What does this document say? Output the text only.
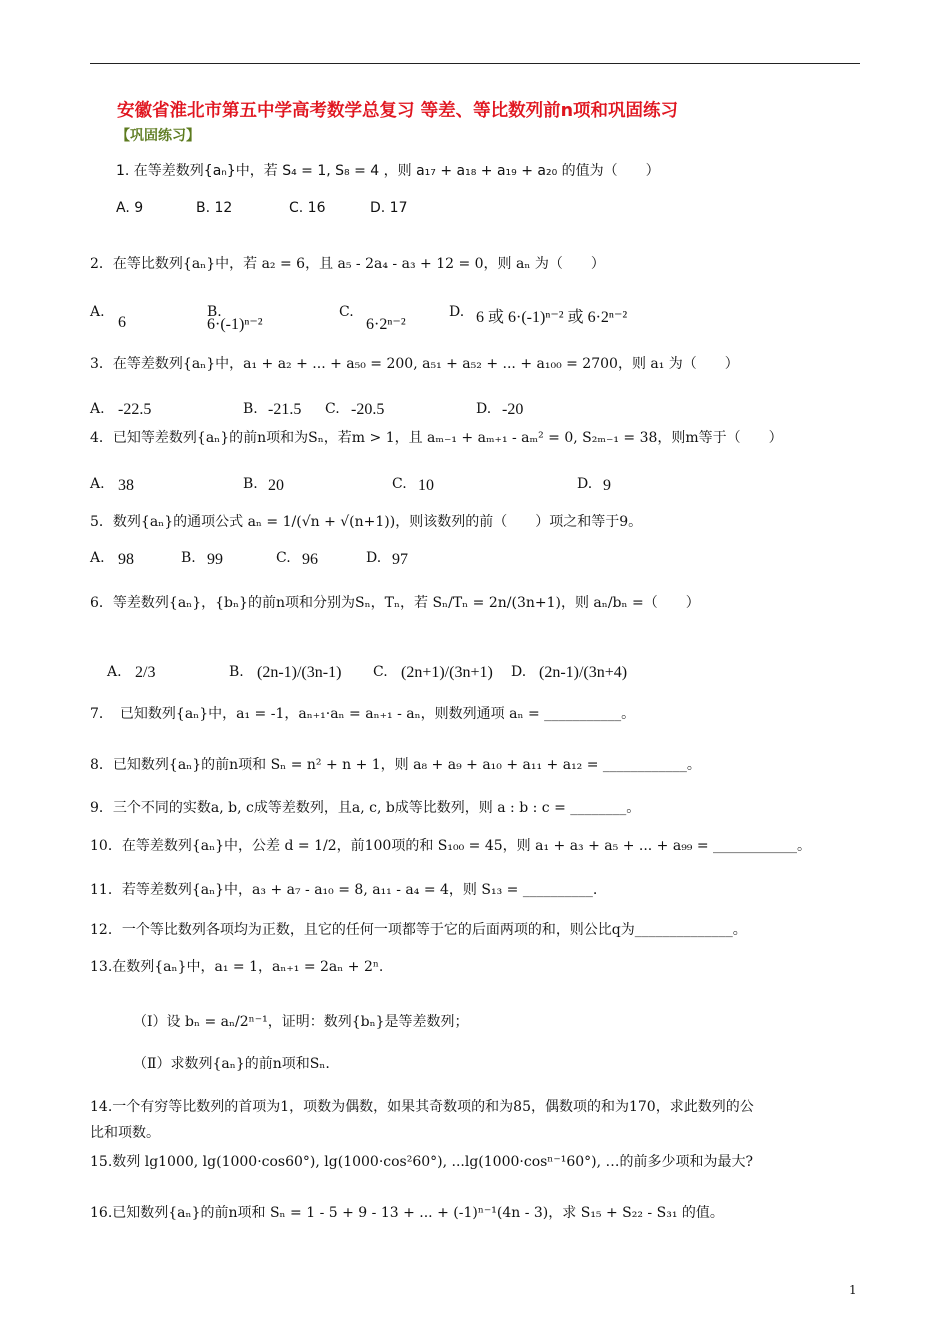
安徽省淮北市第五中学高考数学总复习 等差、等比数列前n项和巩固练习
【巩固练习】
1. 在等差数列{aₙ}中，若 S₄ = 1, S₈ = 4 ，则 a₁₇ + a₁₈ + a₁₉ + a₂₀ 的值为（　　）
A. 9	B. 12	C. 16	D. 17
2．在等比数列{aₙ}中，若 a₂ = 6，且 a₅ - 2a₄ - a₃ + 12 = 0，则 aₙ 为（　　）
A.
6
B.
6·(-1)ⁿ⁻²
C.
6·2ⁿ⁻²
D. 6 或 6·(-1)ⁿ⁻² 或 6·2ⁿ⁻²
3．在等差数列{aₙ}中，a₁ + a₂ + ... + a₅₀ = 200, a₅₁ + a₅₂ + ... + a₁₀₀ = 2700，则 a₁ 为（　　）
A. -22.5	B. -21.5 C. -20.5	D. -20
4．已知等差数列{aₙ}的前n项和为Sₙ，若m > 1，且 aₘ₋₁ + aₘ₊₁ - aₘ² = 0, S₂ₘ₋₁ = 38，则m等于（　　）
A. 38	B. 20	C. 10	D. 9
5．数列{aₙ}的通项公式 aₙ = 1/(√n + √(n+1))，则该数列的前（　　）项之和等于9。
A. 98	B. 99	C. 96	D. 97
6．等差数列{aₙ}，{bₙ}的前n项和分别为Sₙ，Tₙ，若 Sₙ/Tₙ = 2n/(3n+1)，则 aₙ/bₙ =（　　）
A. 2/3	B. (2n-1)/(3n-1) C. (2n+1)/(3n+1) D. (2n-1)/(3n+4)
7．　已知数列{aₙ}中，a₁ = -1，aₙ₊₁·aₙ = aₙ₊₁ - aₙ，则数列通项 aₙ = ___________。
8．已知数列{aₙ}的前n项和 Sₙ = n² + n + 1，则 a₈ + a₉ + a₁₀ + a₁₁ + a₁₂ = ____________。
9．三个不同的实数a, b, c成等差数列，且a, c, b成等比数列，则 a : b : c = ________。
10．在等差数列{aₙ}中，公差 d = 1/2，前100项的和 S₁₀₀ = 45，则 a₁ + a₃ + a₅ + ... + a₉₉ = ____________。
11．若等差数列{aₙ}中，a₃ + a₇ - a₁₀ = 8, a₁₁ - a₄ = 4，则 S₁₃ = __________.
12．一个等比数列各项均为正数，且它的任何一项都等于它的后面两项的和，则公比q为______________。
13.在数列{aₙ}中，a₁ = 1，aₙ₊₁ = 2aₙ + 2ⁿ.
（Ⅰ）设 bₙ = aₙ/2ⁿ⁻¹，证明：数列{bₙ}是等差数列；
（Ⅱ）求数列{aₙ}的前n项和Sₙ.
14.一个有穷等比数列的首项为1，项数为偶数，如果其奇数项的和为85，偶数项的和为170，求此数列的公
比和项数。
15.数列 lg1000, lg(1000·cos60°), lg(1000·cos²60°), ...lg(1000·cosⁿ⁻¹60°), …的前多少项和为最大?
16.已知数列{aₙ}的前n项和 Sₙ = 1 - 5 + 9 - 13 + ... + (-1)ⁿ⁻¹(4n - 3)，求 S₁₅ + S₂₂ - S₃₁ 的值。
1
